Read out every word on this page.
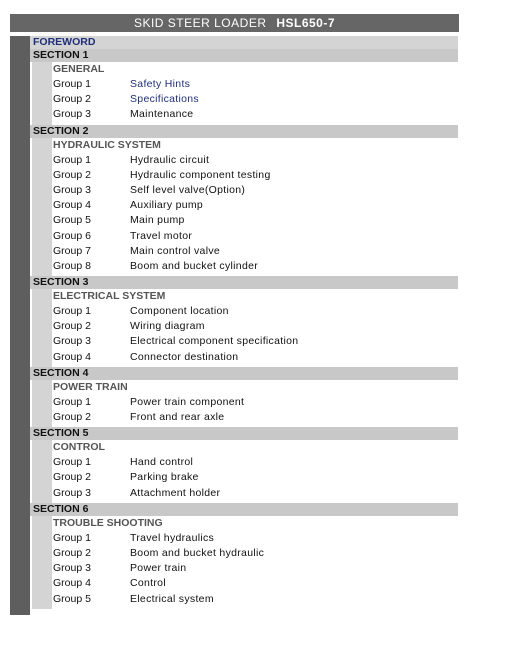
SKID STEER LOADER HSL650-7
FOREWORD
SECTION 1
GENERAL
Group 1	Safety Hints
Group 2	Specifications
Group 3	Maintenance
SECTION 2
HYDRAULIC SYSTEM
Group 1	Hydraulic circuit
Group 2	Hydraulic component testing
Group 3	Self level valve(Option)
Group 4	Auxiliary pump
Group 5	Main pump
Group 6	Travel motor
Group 7	Main control valve
Group 8	Boom and bucket cylinder
SECTION 3
ELECTRICAL SYSTEM
Group 1	Component location
Group 2	Wiring diagram
Group 3	Electrical component specification
Group 4	Connector destination
SECTION 4
POWER TRAIN
Group 1	Power train component
Group 2	Front and rear axle
SECTION 5
CONTROL
Group 1	Hand control
Group 2	Parking brake
Group 3	Attachment holder
SECTION 6
TROUBLE SHOOTING
Group 1	Travel hydraulics
Group 2	Boom and bucket hydraulic
Group 3	Power train
Group 4	Control
Group 5	Electrical system
